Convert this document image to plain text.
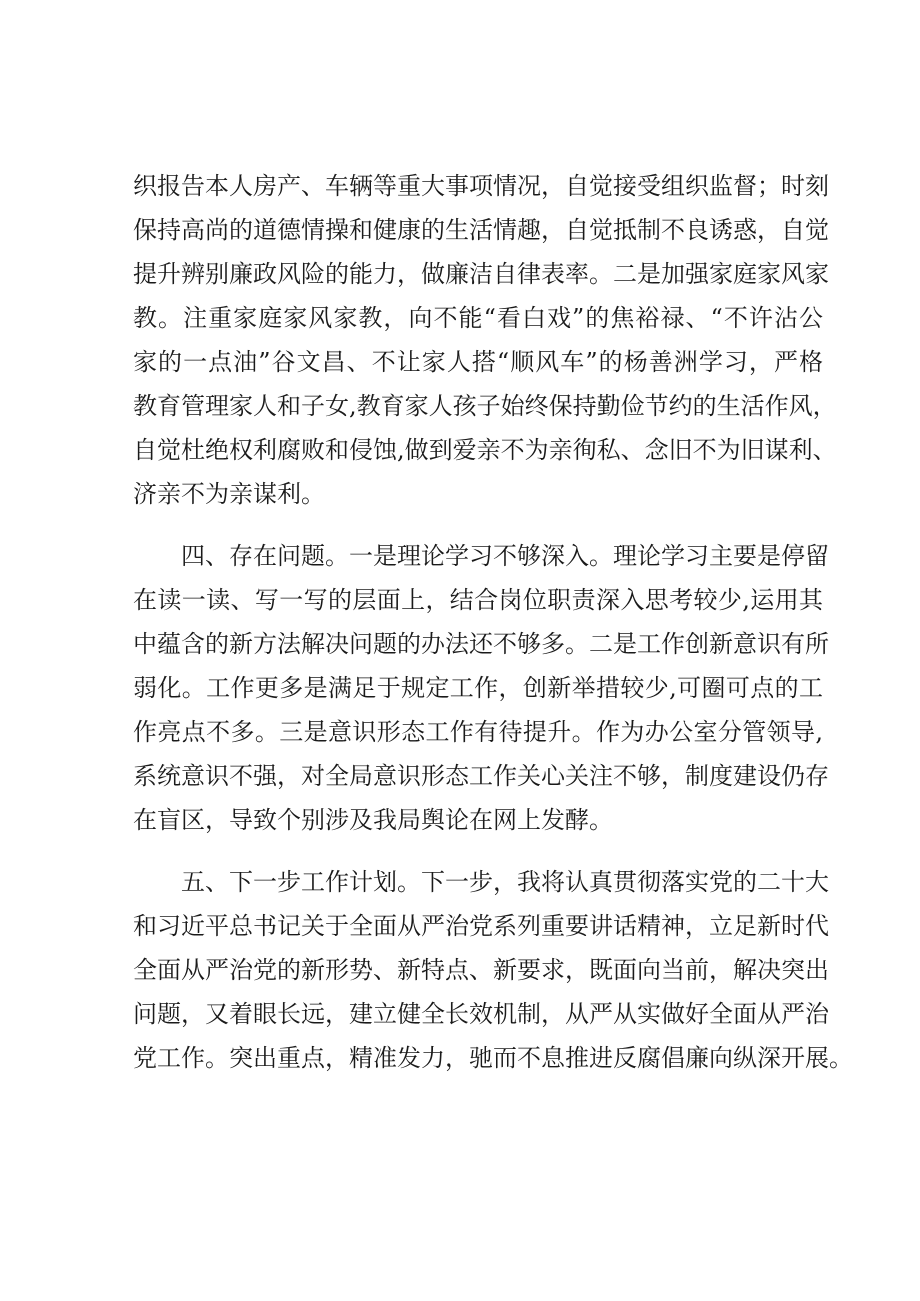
织报告本人房产、车辆等重大事项情况，自觉接受组织监督；时刻
保持高尚的道德情操和健康的生活情趣，自觉抵制不良诱惑，自觉
提升辨别廉政风险的能力，做廉洁自律表率。二是加强家庭家风家
教。注重家庭家风家教，向不能“看白戏”的焦裕禄、“不许沾公
家的一点油”谷文昌、不让家人搭“顺风车”的杨善洲学习，严格
教育管理家人和子女,教育家人孩子始终保持勤俭节约的生活作风，
自觉杜绝权利腐败和侵蚀,做到爱亲不为亲徇私、念旧不为旧谋利、
济亲不为亲谋利。
四、存在问题。一是理论学习不够深入。理论学习主要是停留
在读一读、写一写的层面上，结合岗位职责深入思考较少,运用其
中蕴含的新方法解决问题的办法还不够多。二是工作创新意识有所
弱化。工作更多是满足于规定工作，创新举措较少,可圈可点的工
作亮点不多。三是意识形态工作有待提升。作为办公室分管领导,
系统意识不强，对全局意识形态工作关心关注不够，制度建设仍存
在盲区，导致个别涉及我局舆论在网上发酵。
五、下一步工作计划。下一步，我将认真贯彻落实党的二十大
和习近平总书记关于全面从严治党系列重要讲话精神，立足新时代
全面从严治党的新形势、新特点、新要求，既面向当前，解决突出
问题，又着眼长远，建立健全长效机制，从严从实做好全面从严治
党工作。突出重点，精准发力，驰而不息推进反腐倡廉向纵深开展。
